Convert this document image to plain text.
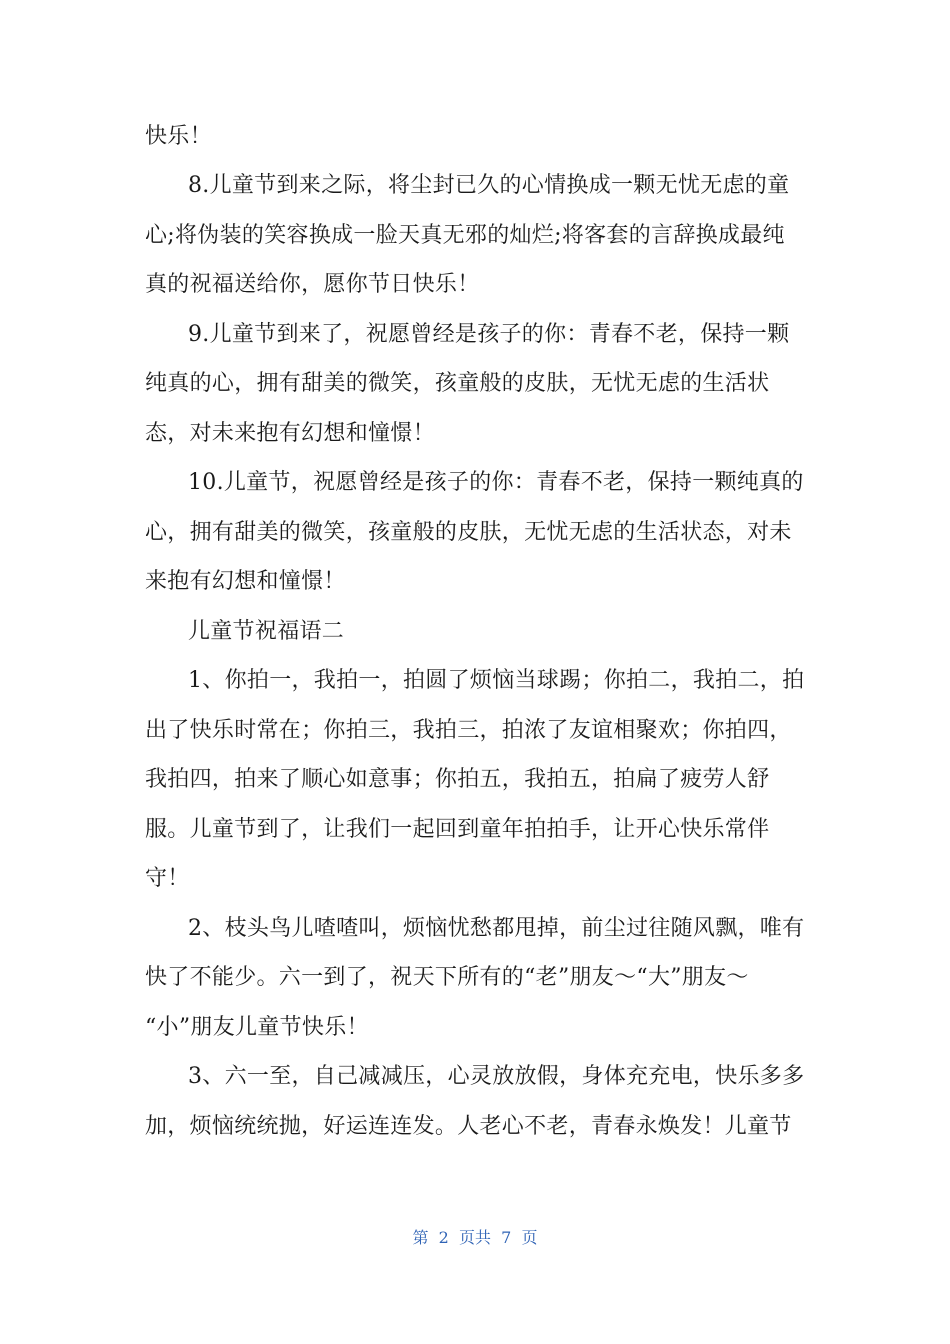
快乐！
8.儿童节到来之际，将尘封已久的心情换成一颗无忧无虑的童
心;将伪装的笑容换成一脸天真无邪的灿烂;将客套的言辞换成最纯
真的祝福送给你，愿你节日快乐！
9.儿童节到来了，祝愿曾经是孩子的你：青春不老，保持一颗
纯真的心，拥有甜美的微笑，孩童般的皮肤，无忧无虑的生活状
态，对未来抱有幻想和憧憬！
10.儿童节，祝愿曾经是孩子的你：青春不老，保持一颗纯真的
心，拥有甜美的微笑，孩童般的皮肤，无忧无虑的生活状态，对未
来抱有幻想和憧憬！
儿童节祝福语二
1、你拍一，我拍一，拍圆了烦恼当球踢；你拍二，我拍二，拍
出了快乐时常在；你拍三，我拍三，拍浓了友谊相聚欢；你拍四，
我拍四，拍来了顺心如意事；你拍五，我拍五，拍扁了疲劳人舒
服。儿童节到了，让我们一起回到童年拍拍手，让开心快乐常伴
守！
2、枝头鸟儿喳喳叫，烦恼忧愁都甩掉，前尘过往随风飘，唯有
快了不能少。六一到了，祝天下所有的“老”朋友～“大”朋友～
“小”朋友儿童节快乐！
3、六一至，自己减减压，心灵放放假，身体充充电，快乐多多
加，烦恼统统抛，好运连连发。人老心不老，青春永焕发！儿童节
第  2  页共  7  页
